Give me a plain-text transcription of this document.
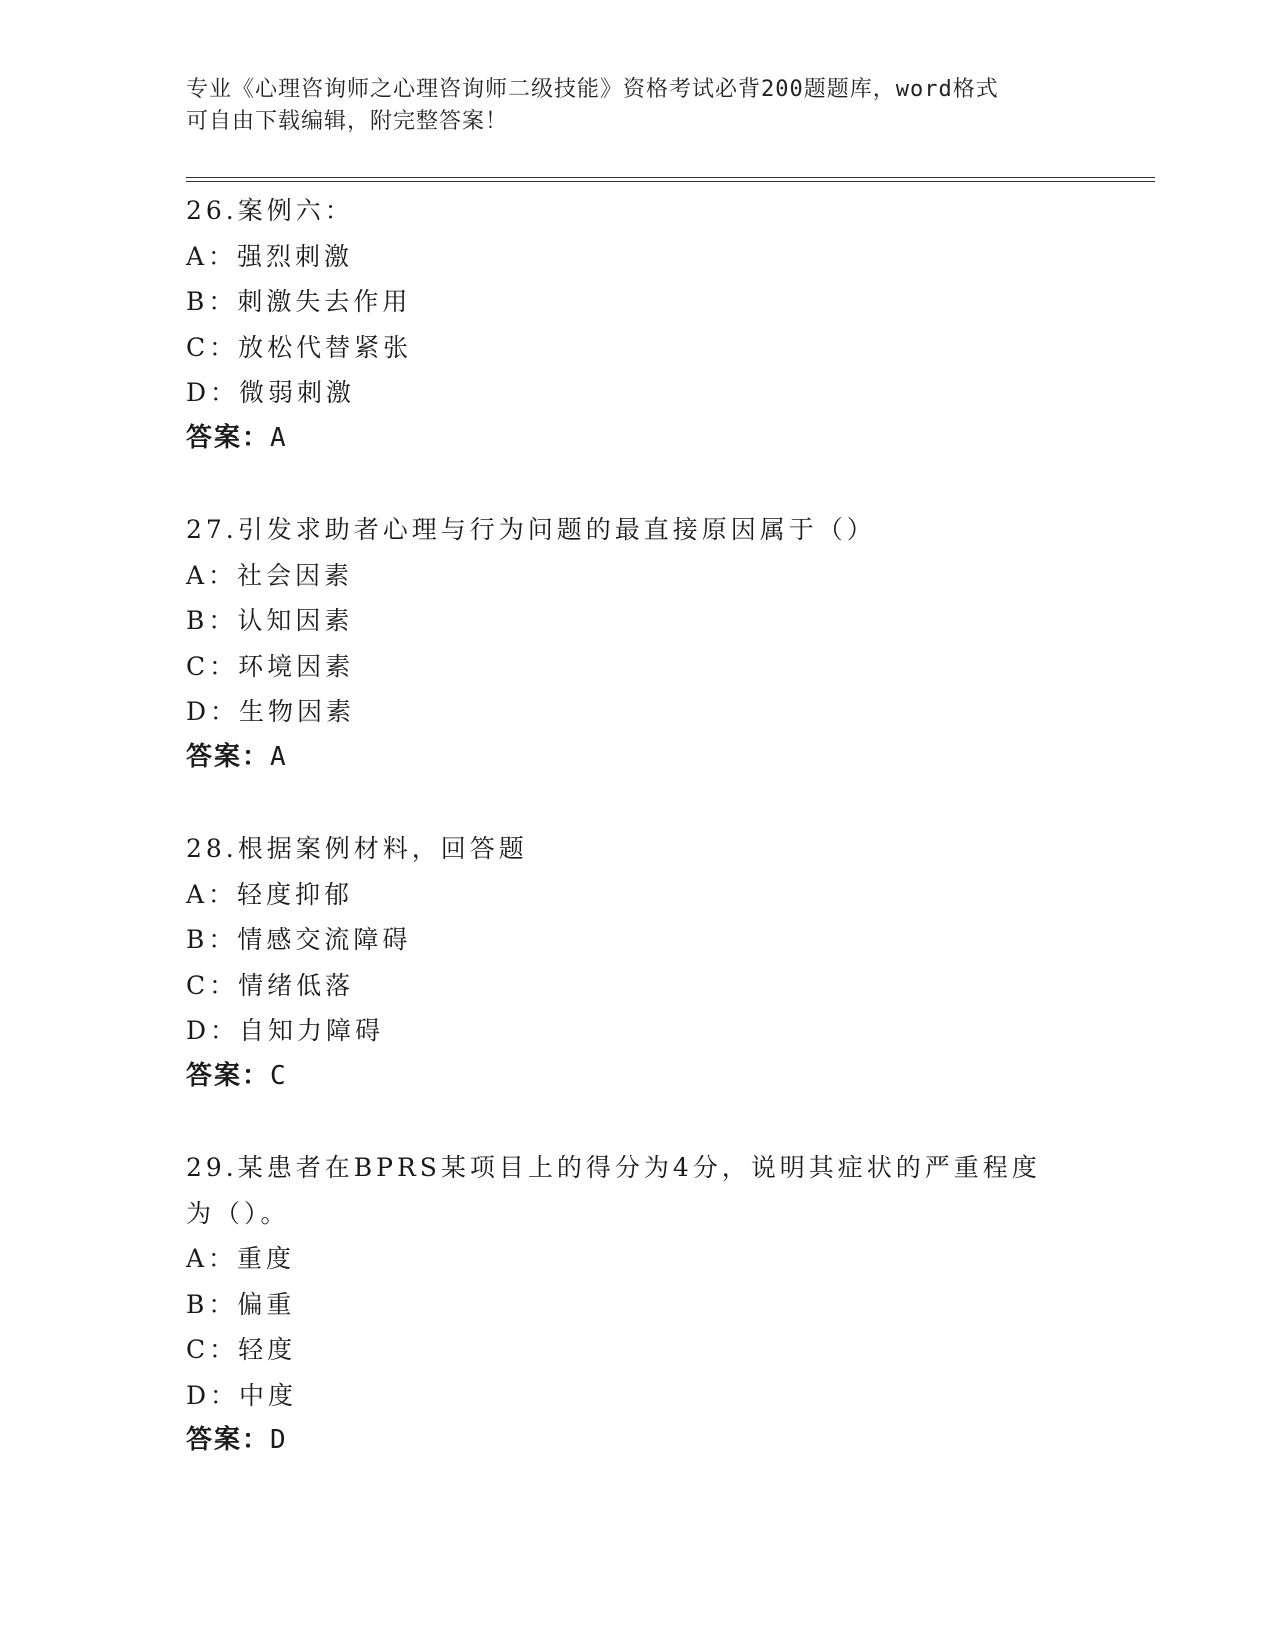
专业《心理咨询师之心理咨询师二级技能》资格考试必背200题题库，word格式
可自由下载编辑，附完整答案！
26.案例六：
A：强烈刺激
B：刺激失去作用
C：放松代替紧张
D：微弱刺激
答案：A
27.引发求助者心理与行为问题的最直接原因属于（）
A：社会因素
B：认知因素
C：环境因素
D：生物因素
答案：A
28.根据案例材料，回答题
A：轻度抑郁
B：情感交流障碍
C：情绪低落
D：自知力障碍
答案：C
29.某患者在BPRS某项目上的得分为4分，说明其症状的严重程度为（）。
A：重度
B：偏重
C：轻度
D：中度
答案：D
